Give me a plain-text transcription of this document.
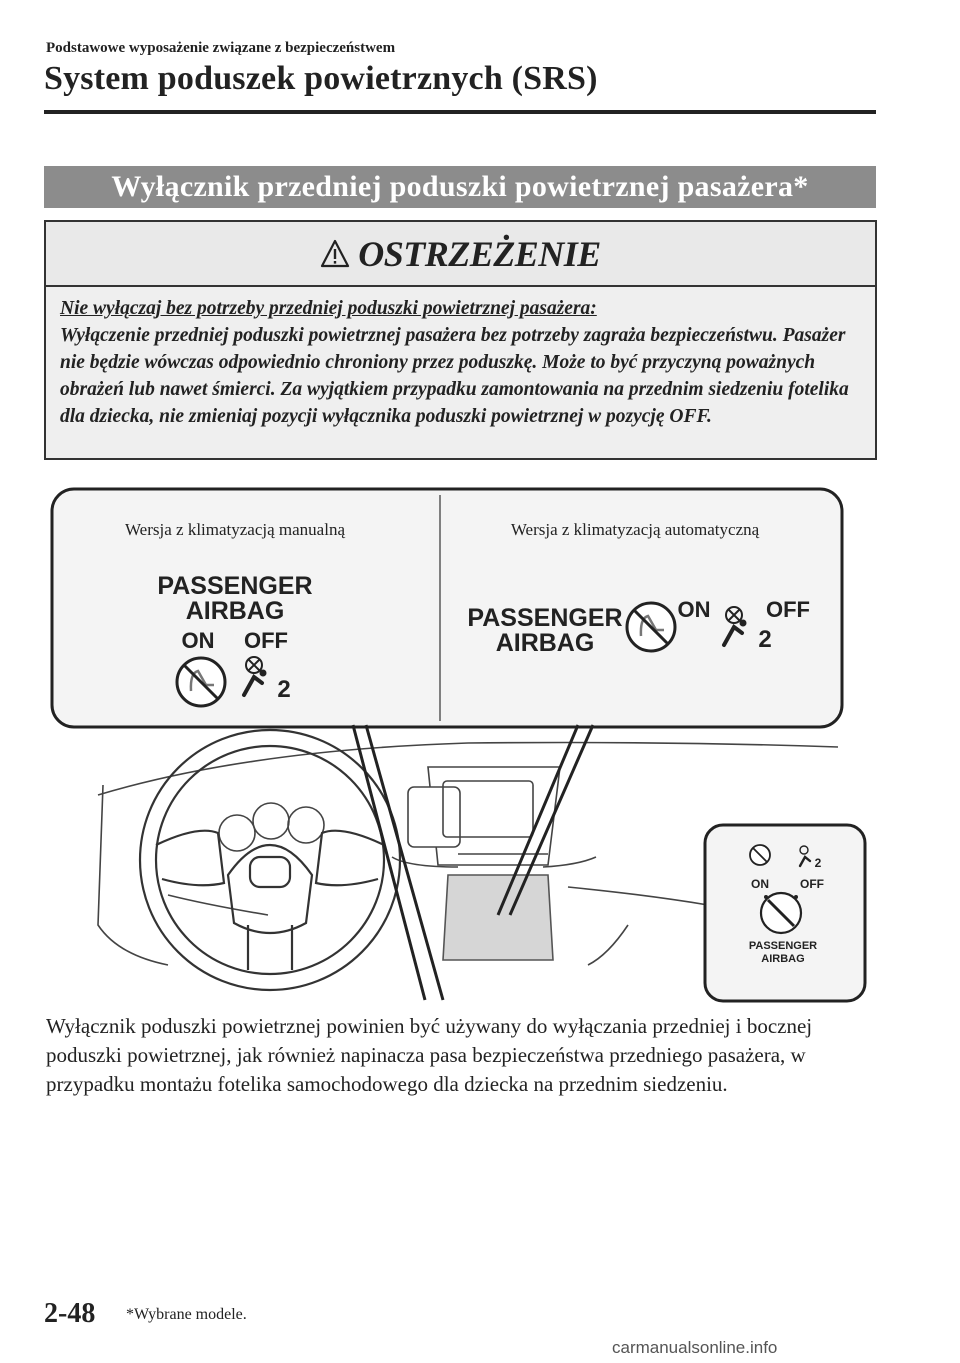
Podstawowe wyposażenie związane z bezpieczeństwem
System poduszek powietrznych (SRS)
Wyłącznik przedniej poduszki powietrznej pasażera*
OSTRZEŻENIE
Nie wyłączaj bez potrzeby przedniej poduszki powietrznej pasażera:
Wyłączenie przedniej poduszki powietrznej pasażera bez potrzeby zagraża bezpieczeństwu. Pasażer nie będzie wówczas odpowiednio chroniony przez poduszkę. Może to być przyczyną poważnych obrażeń lub nawet śmierci. Za wyjątkiem przypadku zamontowania na przednim siedzeniu fotelika dla dziecka, nie zmieniaj pozycji wyłącznika poduszki powietrznej w pozycję OFF.
Wersja z klimatyzacją manualną	Wersja z klimatyzacją automatyczną
PASSENGER
AIRBAG
ON OFF
2
PASSENGER
AIRBAG
ON
2
OFF
2
ON	OFF
PASSENGER
AIRBAG
Wyłącznik poduszki powietrznej powinien być używany do wyłączania przedniej i bocznej poduszki powietrznej, jak również napinacza pasa bezpieczeństwa przedniego pasażera, w przypadku montażu fotelika samochodowego dla dziecka na przednim siedzeniu.
2-48 *Wybrane modele.
carmanualsonline.info
